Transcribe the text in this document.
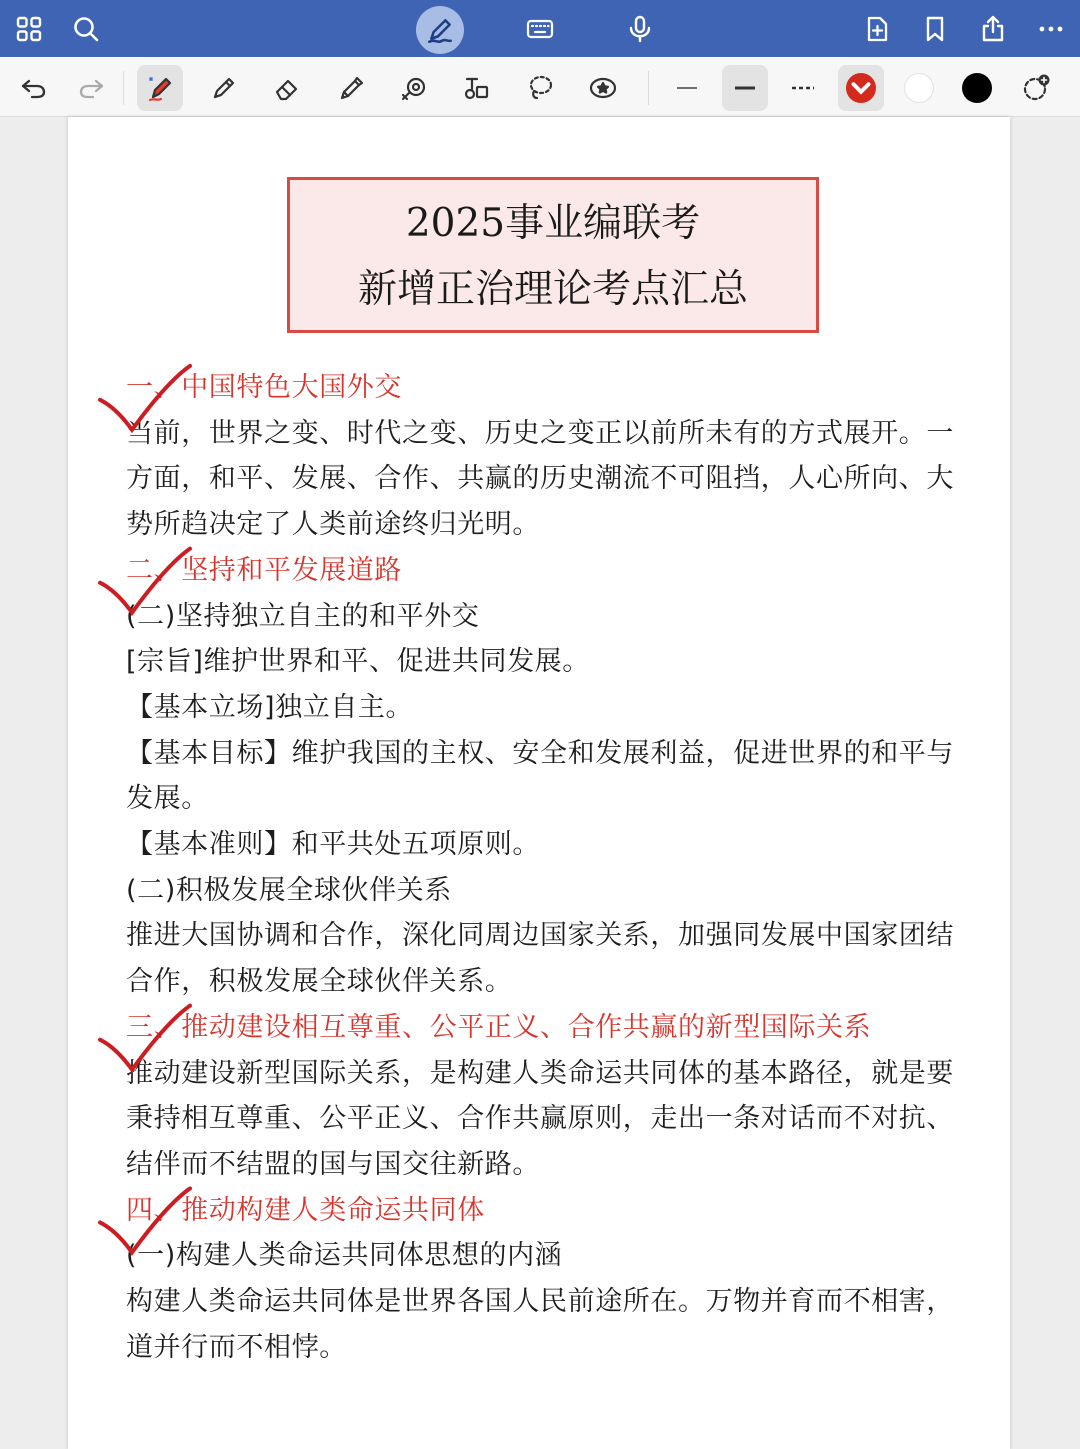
2025事业编联考
新增正治理论考点汇总
一、中国特色大国外交
当前，世界之变、时代之变、历史之变正以前所未有的方式展开。一
方面，和平、发展、合作、共赢的历史潮流不可阻挡，人心所向、大
势所趋决定了人类前途终归光明。
二、坚持和平发展道路
(二)坚持独立自主的和平外交
[宗旨]维护世界和平、促进共同发展。
【基本立场]独立自主。
【基本目标】维护我国的主权、安全和发展利益，促进世界的和平与
发展。
【基本准则】和平共处五项原则。
(二)积极发展全球伙伴关系
推进大国协调和合作，深化同周边国家关系，加强同发展中国家团结
合作，积极发展全球伙伴关系。
三、推动建设相互尊重、公平正义、合作共赢的新型国际关系
推动建设新型国际关系，是构建人类命运共同体的基本路径，就是要
秉持相互尊重、公平正义、合作共赢原则，走出一条对话而不对抗、
结伴而不结盟的国与国交往新路。
四、推动构建人类命运共同体
(一)构建人类命运共同体思想的内涵
构建人类命运共同体是世界各国人民前途所在。万物并育而不相害，
道并行而不相悖。
